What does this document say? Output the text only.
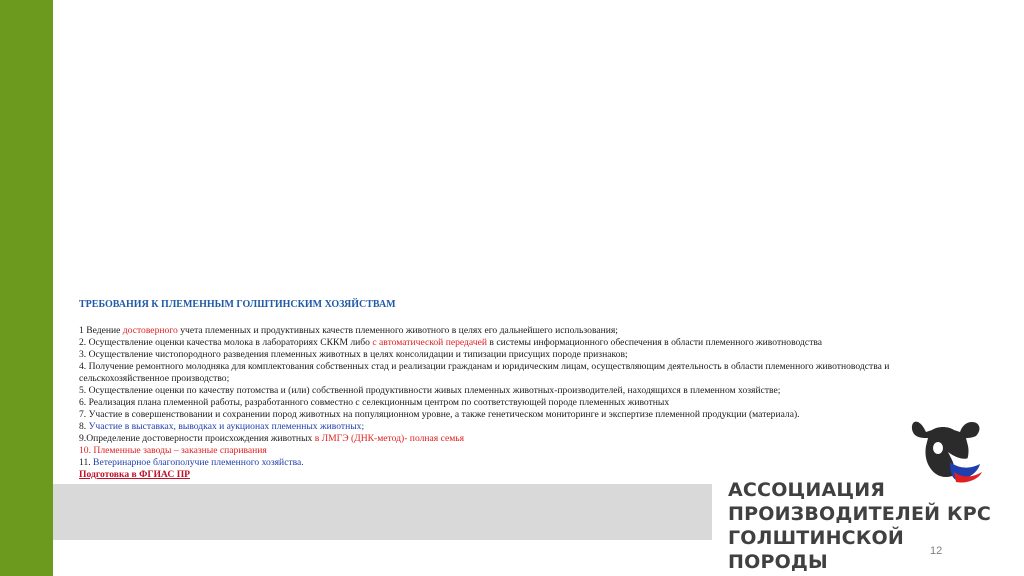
ТРЕБОВАНИЯ К ПЛЕМЕННЫМ ГОЛШТИНСКИМ ХОЗЯЙСТВАМ
1 Ведение достоверного учета племенных и продуктивных качеств племенного животного в целях его дальнейшего использования;
2. Осуществление оценки качества молока в лабораториях СККМ либо с автоматической передачей в системы информационного обеспечения в области племенного животноводства
3. Осуществление чистопородного разведения племенных животных в целях консолидации и типизации присущих породе признаков;
4. Получение ремонтного молодняка для комплектования собственных стад и реализации гражданам и юридическим лицам, осуществляющим деятельность в области племенного животноводства и сельскохозяйственное производство;
5. Осуществление оценки по качеству потомства и (или) собственной продуктивности живых племенных животных-производителей, находящихся в племенном хозяйстве;
6. Реализация плана племенной работы, разработанного совместно с селекционным центром по соответствующей породе племенных животных
7. Участие в совершенствовании и сохранении пород животных на популяционном уровне, а также генетическом мониторинге и экспертизе племенной продукции (материала).
8. Участие в выставках, выводках и аукционах племенных животных;
9.Определение достоверности происхождения животных в ЛМГЭ (ДНК-метод)- полная семья
10. Племенные заводы – заказные спаривания
11. Ветеринарное благополучие племенного хозяйства.
Подготовка в ФГИАС ПР
АССОЦИАЦИЯ
ПРОИЗВОДИТЕЛЕЙ КРС
ГОЛШТИНСКОЙ ПОРОДЫ	12
